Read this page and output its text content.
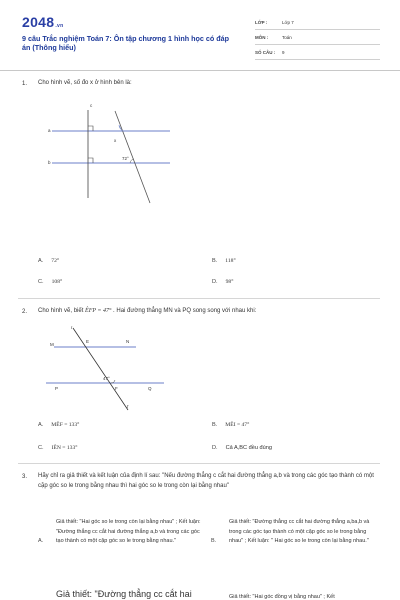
2048.vn
9 câu Trắc nghiệm Toán 7: Ôn tập chương 1 hình học có đáp án (Thông hiểu)
LỚP :	Lớp 7
MÔN :	Toán
SỐ CÂU :	9
1. Cho hình vẽ, số đo x ở hình bên là:
c
a
b
x
72°
A. 72°	B. 118°
C. 108°	D. 98°
2. Cho hình vẽ, biết ÊFP = 47° . Hai đường thẳng MN và PQ song song với nhau khi:
I
E
M
N
P	F	Q
J
47°
A. MÊF = 133°	B. MÊI = 47°
C. IÊN = 133°	D. Cả A,BC đều đúng
3. Hãy chỉ ra giả thiết và kết luận của định lí sau: "Nếu đường thẳng c cắt hai đường thẳng a,b và trong các góc tạo thành có một cặp góc so le trong bằng nhau thì hai góc so le trong còn lại bằng nhau"
A.
Giả thiết: "Hai góc so le trong còn lại bằng nhau" ; Kết luận: "Đường thẳng cc cắt hai đường thẳng a,b và trong các góc tạo thành có một cặp góc so le trong bằng nhau."	B.
Giả thiết: "Đường thẳng cc cắt hai đường thẳng a,ba,b và trong các góc tạo thành có một cặp góc so le trong bằng nhau" ; Kết luận: " Hai góc so le trong còn lại bằng nhau."
Giả thiết: "Đường thẳng cc cắt hai	Giả thiết: "Hai góc đồng vị bằng nhau" ; Kết
